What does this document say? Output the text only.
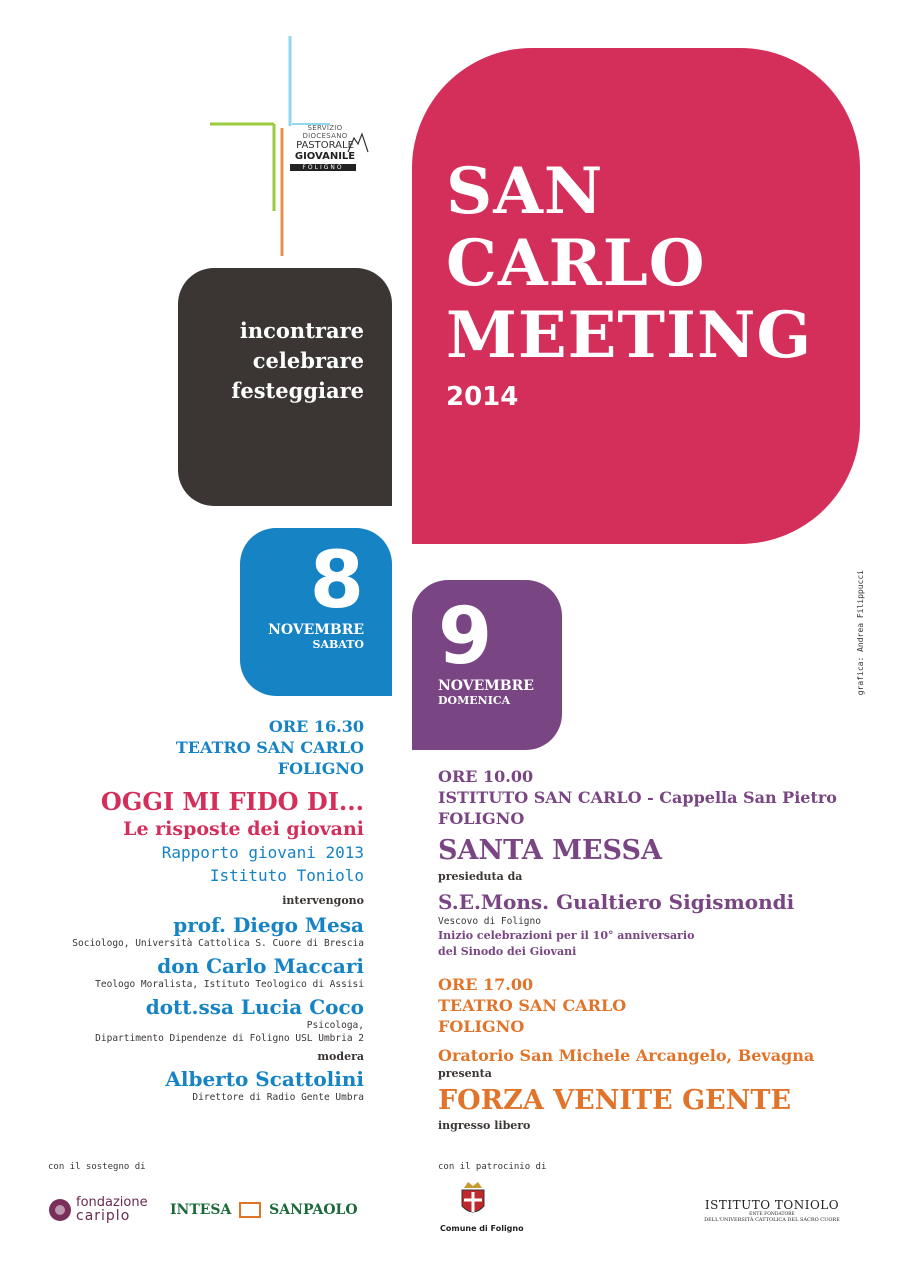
SERVIZIO DIOCESANO
PASTORALE
GIOVANILE
FOLIGNO SAN
CARLO
MEETING
2014
incontrare
celebrare
festeggiare
grafica: Andrea Filippucci
8
NOVEMBRE
SABATO 9
NOVEMBRE
DOMENICA
ORE 16.30
TEATRO SAN CARLO
FOLIGNO
OGGI MI FIDO DI...
Le risposte dei giovani
Rapporto giovani 2013
Istituto Toniolo
intervengono
prof. Diego Mesa
Sociologo, Università Cattolica S. Cuore di Brescia
don Carlo Maccari
Teologo Moralista, Istituto Teologico di Assisi
dott.ssa Lucia Coco
Psicologa,
Dipartimento Dipendenze di Foligno USL Umbria 2
modera
Alberto Scattolini
Direttore di Radio Gente Umbra
ORE 10.00
ISTITUTO SAN CARLO - Cappella San Pietro
FOLIGNO
SANTA MESSA
presieduta da
S.E.Mons. Gualtiero Sigismondi
Vescovo di Foligno
Inizio celebrazioni per il 10° anniversario
del Sinodo dei Giovani
ORE 17.00
TEATRO SAN CARLO
FOLIGNO
Oratorio San Michele Arcangelo, Bevagna
presenta
FORZA VENITE GENTE
ingresso libero
con il sostegno di	con il patrocinio di
fondazione
cariplo	INTESA	SANPAOLO
Comune di Foligno
ISTITUTO TONIOLO
ENTE FONDATORE
DELL'UNIVERSITÀ CATTOLICA DEL SACRO CUORE
